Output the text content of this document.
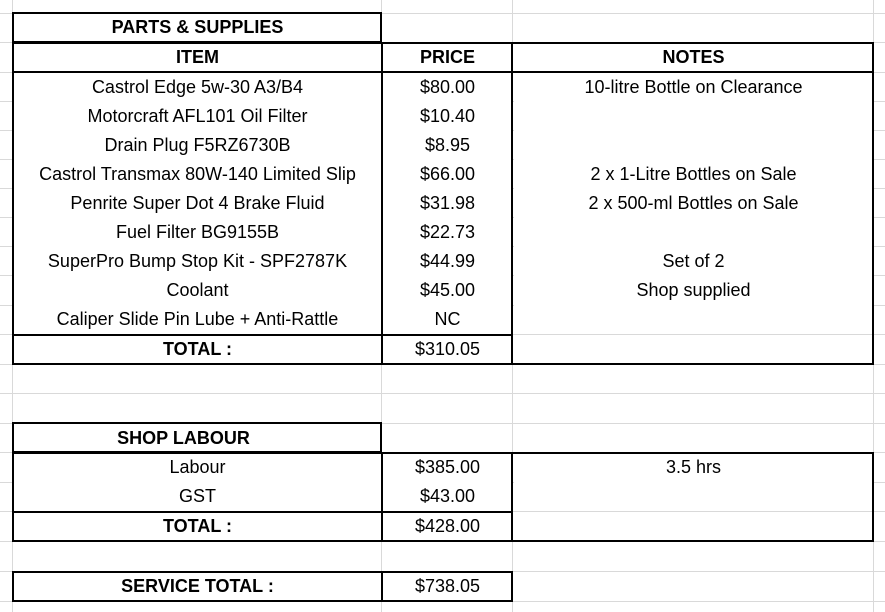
PARTS & SUPPLIES
ITEM	PRICE	NOTES
Castrol Edge 5w-30 A3/B4	$80.00	10-litre Bottle on Clearance
Motorcraft AFL101 Oil Filter	$10.40
Drain Plug F5RZ6730B	$8.95
Castrol Transmax 80W-140 Limited Slip	$66.00	2 x 1-Litre Bottles on Sale
Penrite Super Dot 4 Brake Fluid	$31.98	2 x 500-ml Bottles on Sale
Fuel Filter BG9155B	$22.73
SuperPro Bump Stop Kit - SPF2787K	$44.99	Set of 2
Coolant	$45.00	Shop supplied
Caliper Slide Pin Lube + Anti-Rattle	NC
TOTAL :	$310.05
SHOP LABOUR
Labour	$385.00	3.5 hrs
GST	$43.00
TOTAL :	$428.00
SERVICE TOTAL :	$738.05
